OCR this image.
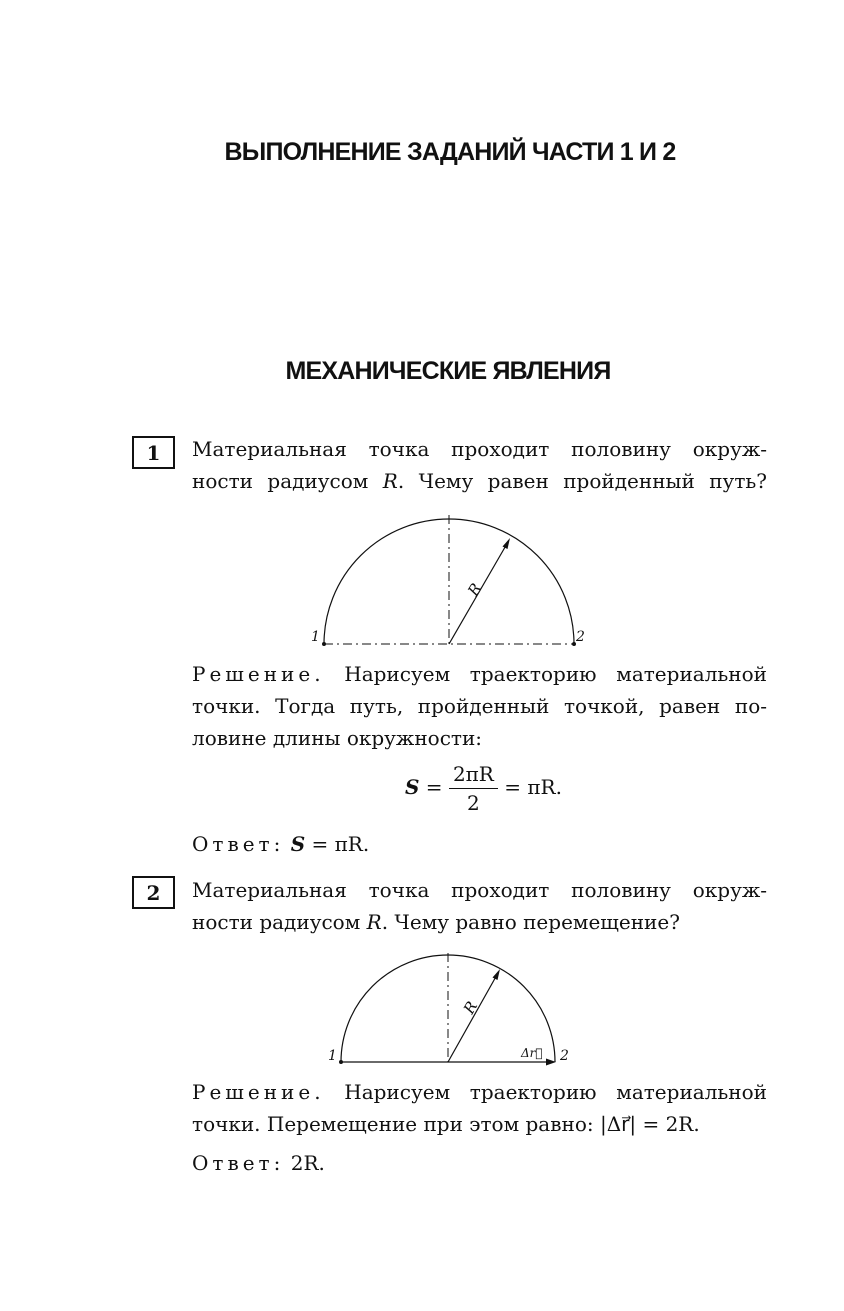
ВЫПОЛНЕНИЕ ЗАДАНИЙ ЧАСТИ 1 И 2
МЕХАНИЧЕСКИЕ ЯВЛЕНИЯ
1	Материальная точка проходит половину окруж-
ности радиусом R. Чему равен пройденный путь?
1	2
R
Решение. Нарисуем траекторию материальной
точки. Тогда путь, пройденный точкой, равен по-
ловине длины окружности:
$S = \frac{2\pi R}{2} = \pi R$.
Ответ: S = πR.
2	Материальная точка проходит половину окруж-
ности радиусом R. Чему равно перемещение?
1	2
R
Δr⃗
Решение. Нарисуем траекторию материальной
точки. Перемещение при этом равно: |Δr⃗| = 2R.
Ответ: 2R.
